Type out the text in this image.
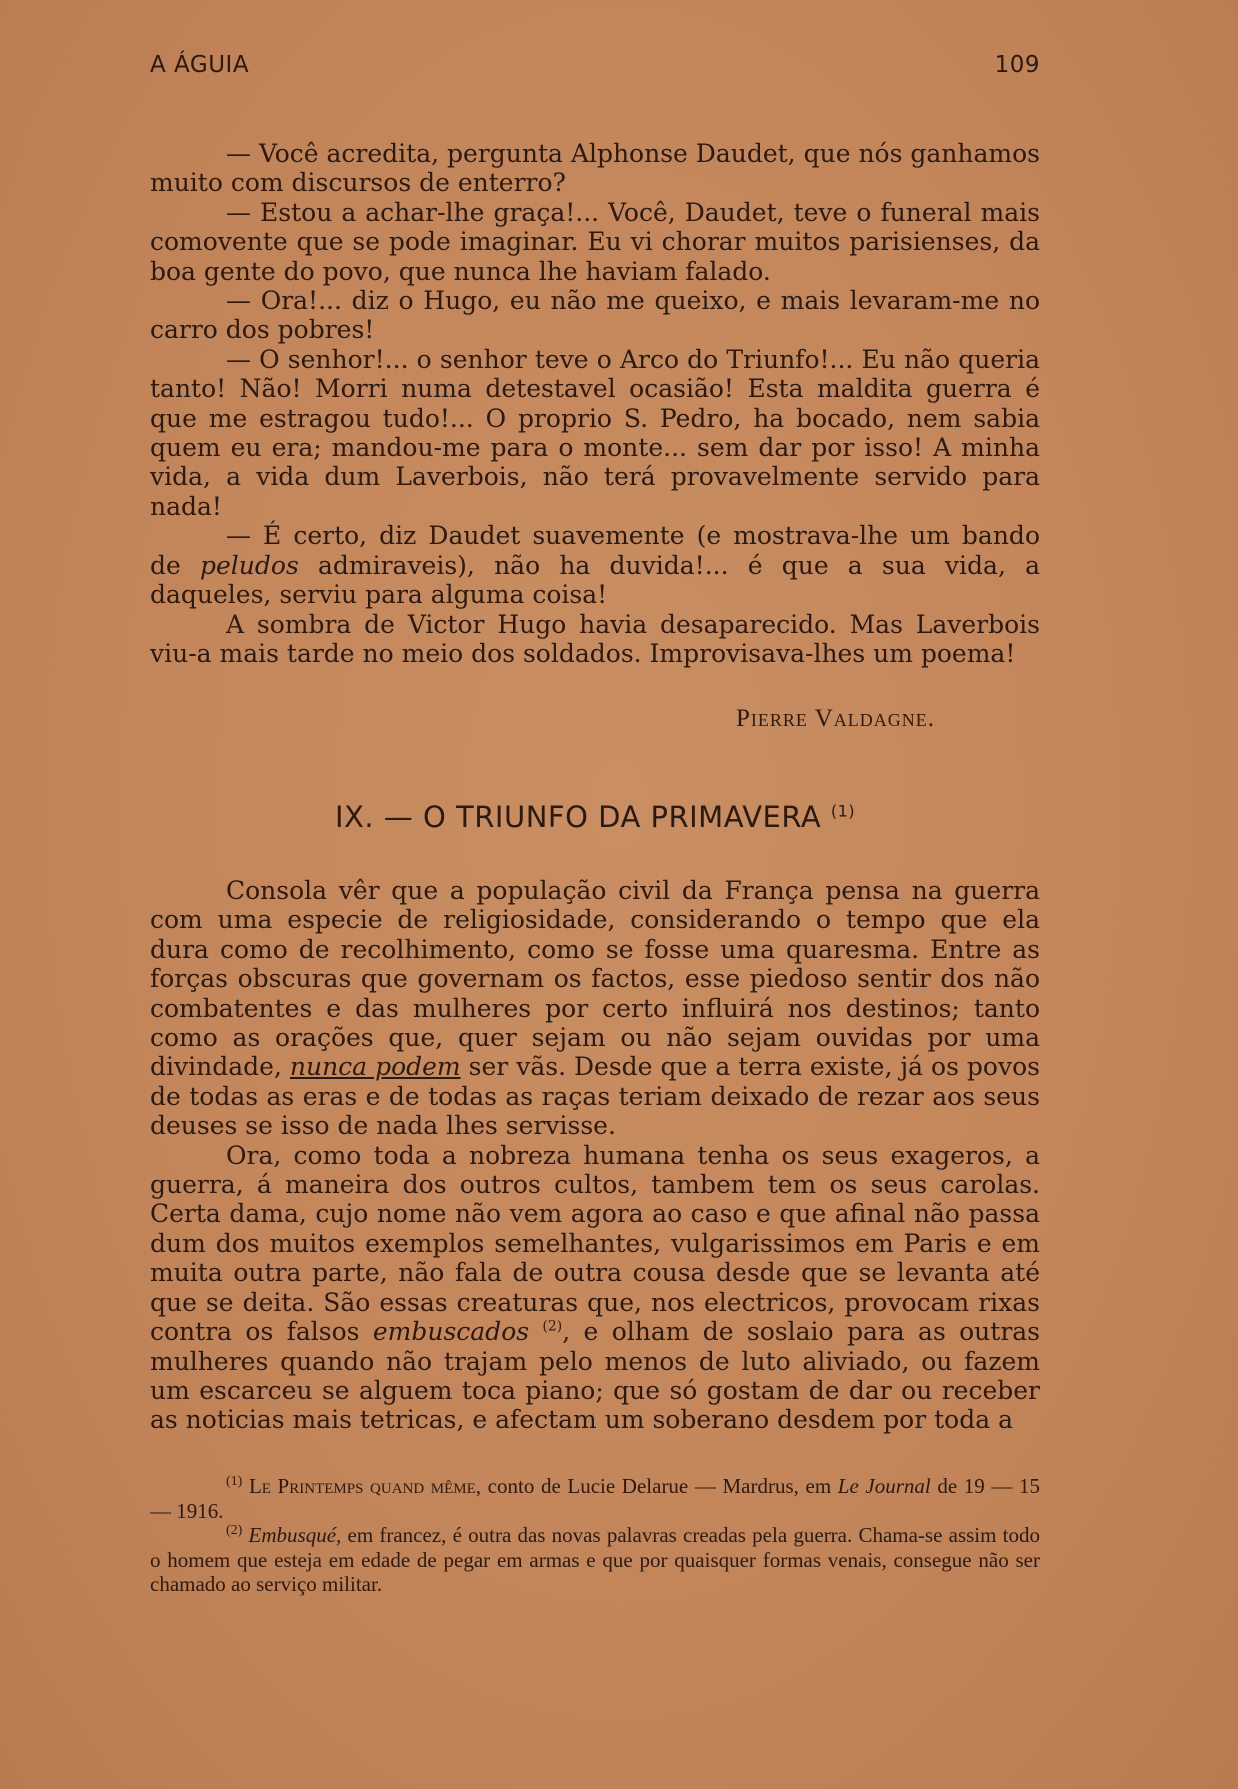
A ÁGUIA	109

— Você acredita, pergunta Alphonse Daudet, que nós ganhamos muito com discursos de enterro?

— Estou a achar-lhe graça!... Você, Daudet, teve o funeral mais comovente que se pode imaginar. Eu vi chorar muitos parisienses, da boa gente do povo, que nunca lhe haviam falado.

— Ora!... diz o Hugo, eu não me queixo, e mais levaram-me no carro dos pobres!

— O senhor!... o senhor teve o Arco do Triunfo!... Eu não queria tanto! Não! Morri numa detestavel ocasião! Esta maldita guerra é que me estragou tudo!... O proprio S. Pedro, ha bocado, nem sabia quem eu era; mandou-me para o monte... sem dar por isso! A minha vida, a vida dum Laverbois, não terá provavelmente servido para nada!

— É certo, diz Daudet suavemente (e mostrava-lhe um bando de peludos admiraveis), não ha duvida!... é que a sua vida, a daqueles, serviu para alguma coisa!

A sombra de Victor Hugo havia desaparecido. Mas Laverbois viu-a mais tarde no meio dos soldados. Improvisava-lhes um poema!

Pierre Valdagne.
IX. — O TRIUNFO DA PRIMAVERA $^{(1)}$

Consola vêr que a população civil da França pensa na guerra com uma especie de religiosidade, considerando o tempo que ela dura como de recolhimento, como se fosse uma quaresma. Entre as forças obscuras que governam os factos, esse piedoso sentir dos não combatentes e das mulheres por certo influirá nos destinos; tanto como as orações que, quer sejam ou não sejam ouvidas por uma divindade, nunca podem ser vãs. Desde que a terra existe, já os povos de todas as eras e de todas as raças teriam deixado de rezar aos seus deuses se isso de nada lhes servisse.

Ora, como toda a nobreza humana tenha os seus exageros, a guerra, á maneira dos outros cultos, tambem tem os seus carolas. Certa dama, cujo nome não vem agora ao caso e que afinal não passa dum dos muitos exemplos semelhantes, vulgarissimos em Paris e em muita outra parte, não fala de outra cousa desde que se levanta até que se deita. São essas creaturas que, nos electricos, provocam rixas contra os falsos embuscados $^{(2)}$, e olham de soslaio para as outras mulheres quando não trajam pelo menos de luto aliviado, ou fazem um escarceu se alguem toca piano; que só gostam de dar ou receber as noticias mais tetricas, e afectam um soberano desdem por toda a

$^{(1)}$ Le Printemps quand même, conto de Lucie Delarue — Mardrus, em Le Journal de 19 — 15 — 1916.

$^{(2)}$ Embusqué, em francez, é outra das novas palavras creadas pela guerra. Chama-se assim todo o homem que esteja em edade de pegar em armas e que por quaisquer formas venais, consegue não ser chamado ao serviço militar.
